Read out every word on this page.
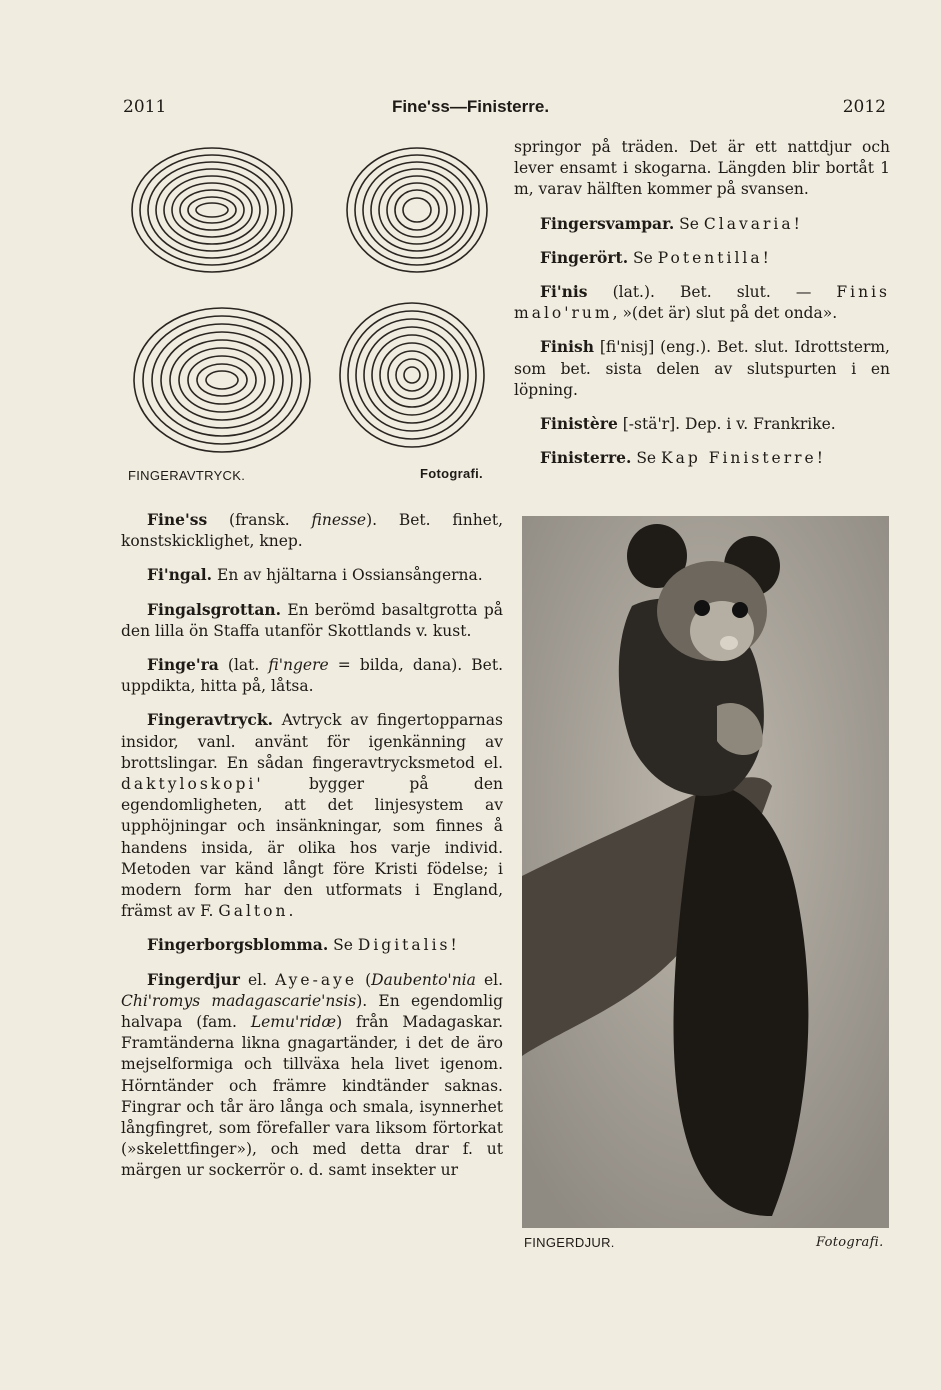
2011	Fine'ss—Finisterre.	2012
FINGERAVTRYCK.	Fotografi.

springor på träden. Det är ett nattdjur och lever ensamt i skogarna. Längden blir bortåt 1 m, varav hälften kommer på svansen.

Fingersvampar. Se Clavaria!

Fingerört. Se Potentilla!

Fi'nis (lat.). Bet. slut. — Finis malo'rum, »(det är) slut på det onda».

Finish [fi'nisj] (eng.). Bet. slut. Idrottsterm, som bet. sista delen av slutspurten i en löpning.

Finistère [-stä'r]. Dep. i v. Frankrike.

Finisterre. Se Kap Finisterre!

Fine'ss (fransk. finesse). Bet. finhet, konstskicklighet, knep.

Fi'ngal. En av hjältarna i Ossiansångerna.

Fingalsgrottan. En berömd basaltgrotta på den lilla ön Staffa utanför Skottlands v. kust.

Finge'ra (lat. fi'ngere = bilda, dana). Bet. uppdikta, hitta på, låtsa.

Fingeravtryck. Avtryck av fingertopparnas insidor, vanl. använt för igenkänning av brottslingar. En sådan fingeravtrycksmetod el. daktyloskopi' bygger på den egendomligheten, att det linjesystem av upphöjningar och insänkningar, som finnes å handens insida, är olika hos varje individ. Metoden var känd långt före Kristi födelse; i modern form har den utformats i England, främst av F. Galton.

Fingerborgsblomma. Se Digitalis!

Fingerdjur el. Aye-aye (Daubento'nia el. Chi'romys madagascarie'nsis). En egendomlig halvapa (fam. Lemu'ridæ) från Madagaskar. Framtänderna likna gnagartänder, i det de äro mejselformiga och tillväxa hela livet igenom. Hörntänder och främre kindtänder saknas. Fingrar och tår äro långa och smala, isynnerhet långfingret, som förefaller vara liksom förtorkat (»skelettfinger»), och med detta drar f. ut märgen ur sockerrör o. d. samt insekter ur

FINGERDJUR.	Fotografi.
